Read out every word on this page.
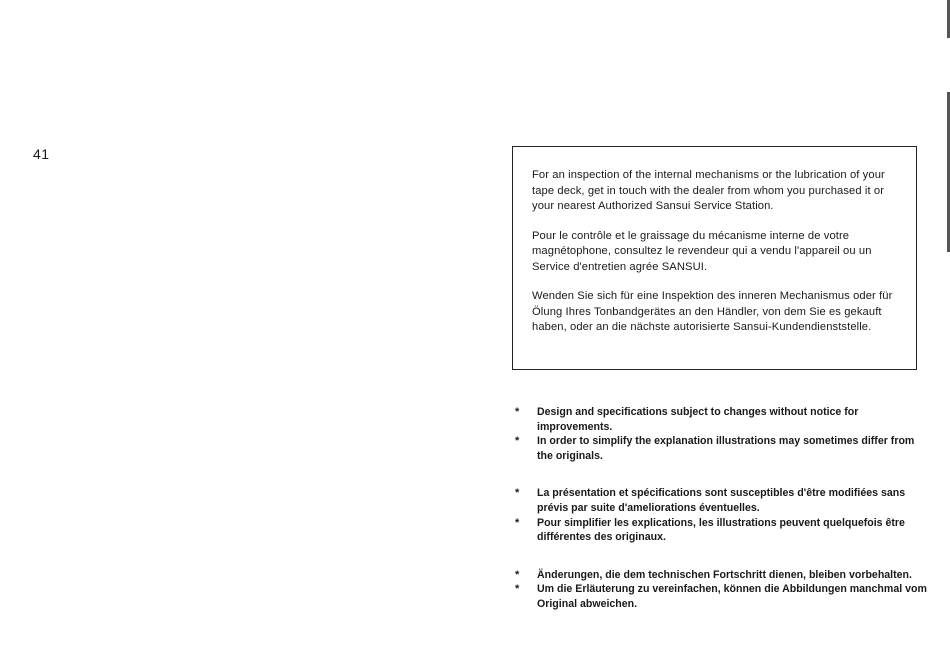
41

For an inspection of the internal mechanisms or the lubrication of your tape deck, get in touch with the dealer from whom you purchased it or your nearest Authorized Sansui Service Station.

Pour le contrôle et le graissage du mécanisme interne de votre magnétophone, consultez le revendeur qui a vendu l'appareil ou un Service d'entretien agrée SANSUI.

Wenden Sie sich für eine Inspektion des inneren Mechanismus oder für Ölung Ihres Tonbandgerätes an den Händler, von dem Sie es gekauft haben, oder an die nächste autorisierte Sansui-Kundendienststelle.

*	Design and specifications subject to changes without notice for improvements.
*	In order to simplify the explanation illustrations may sometimes differ from the originals.
*	La présentation et spécifications sont susceptibles d'être modifiées sans prévis par suite d'ameliorations éventuelles.
*	Pour simplifier les explications, les illustrations peuvent quelquefois être différentes des originaux.
*	Änderungen, die dem technischen Fortschritt dienen, bleiben vorbehalten.
*	Um die Erläuterung zu vereinfachen, können die Abbildungen manchmal vom Original abweichen.
